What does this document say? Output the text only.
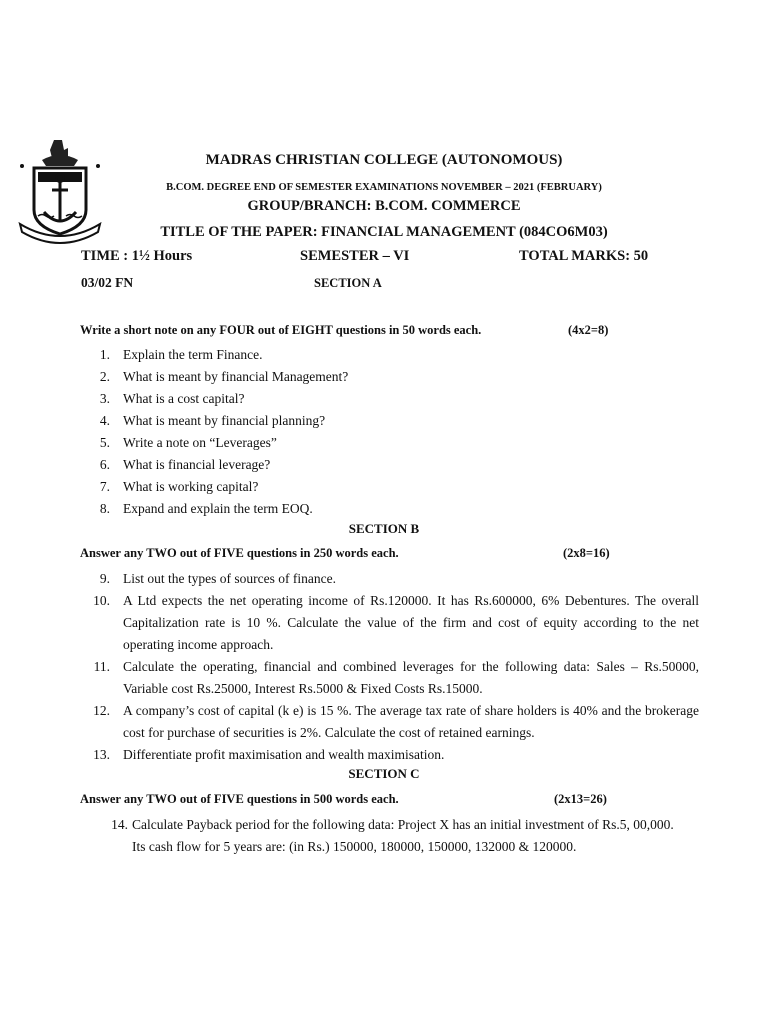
MADRAS CHRISTIAN COLLEGE (AUTONOMOUS)
B.COM. DEGREE END OF SEMESTER EXAMINATIONS NOVEMBER – 2021 (FEBRUARY)
GROUP/BRANCH: B.COM. COMMERCE
TITLE OF THE PAPER: FINANCIAL MANAGEMENT (084CO6M03)
TIME : 1½ Hours	SEMESTER – VI	TOTAL MARKS: 50
03/02 FN	SECTION A
Write a short note on any FOUR out of EIGHT questions in 50 words each.	(4x2=8)
1. Explain the term Finance.
2. What is meant by financial Management?
3. What is a cost capital?
4. What is meant by financial planning?
5. Write a note on “Leverages”
6. What is financial leverage?
7. What is working capital?
8. Expand and explain the term EOQ.
SECTION B
Answer any TWO out of FIVE questions in 250 words each.	(2x8=16)
9. List out the types of sources of finance.
10. A Ltd expects the net operating income of Rs.120000. It has Rs.600000, 6% Debentures. The overall Capitalization rate is 10 %. Calculate the value of the firm and cost of equity according to the net operating income approach.
11. Calculate the operating, financial and combined leverages for the following data: Sales – Rs.50000, Variable cost Rs.25000, Interest Rs.5000 & Fixed Costs Rs.15000.
12. A company’s cost of capital (k e) is 15 %. The average tax rate of share holders is 40% and the brokerage cost for purchase of securities is 2%. Calculate the cost of retained earnings.
13. Differentiate profit maximisation and wealth maximisation.
SECTION C
Answer any TWO out of FIVE questions in 500 words each.	(2x13=26)
14. Calculate Payback period for the following data: Project X has an initial investment of Rs.5, 00,000. Its cash flow for 5 years are: (in Rs.) 150000, 180000, 150000, 132000 & 120000.
